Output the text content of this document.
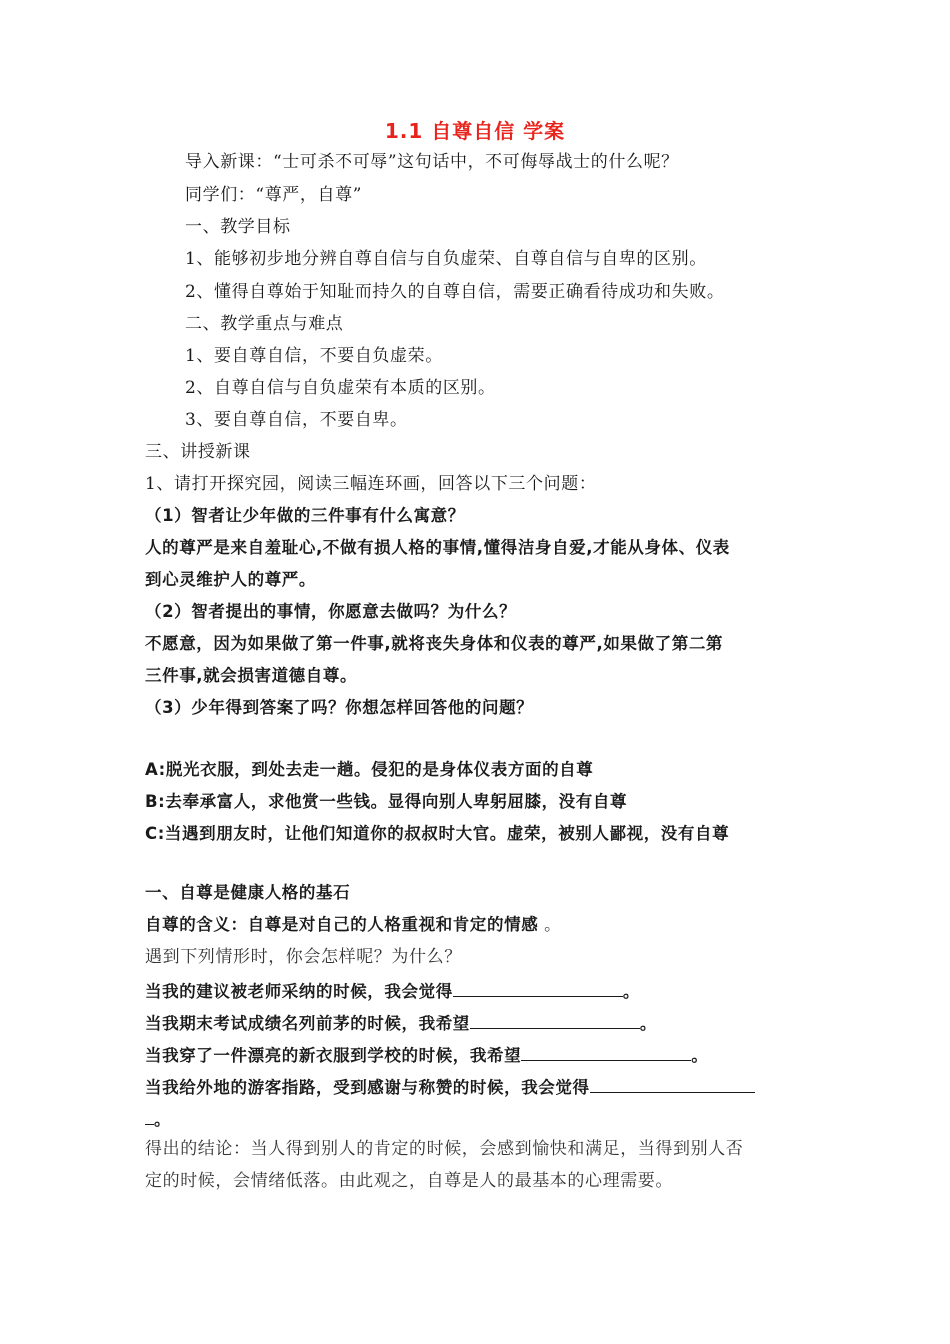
1.1 自尊自信 学案
导入新课：“士可杀不可辱”这句话中，不可侮辱战士的什么呢？
同学们：“尊严，自尊”
一、教学目标
1、能够初步地分辨自尊自信与自负虚荣、自尊自信与自卑的区别。
2、懂得自尊始于知耻而持久的自尊自信，需要正确看待成功和失败。
二、教学重点与难点
1、要自尊自信，不要自负虚荣。
2、自尊自信与自负虚荣有本质的区别。
3、要自尊自信，不要自卑。
三、讲授新课
1、请打开探究园，阅读三幅连环画，回答以下三个问题：
（1）智者让少年做的三件事有什么寓意？
人的尊严是来自羞耻心,不做有损人格的事情,懂得洁身自爱,才能从身体、仪表
到心灵维护人的尊严。
（2）智者提出的事情，你愿意去做吗？为什么？
不愿意，因为如果做了第一件事,就将丧失身体和仪表的尊严,如果做了第二第
三件事,就会损害道德自尊。
（3）少年得到答案了吗？你想怎样回答他的问题？
A:脱光衣服，到处去走一趟。侵犯的是身体仪表方面的自尊
B:去奉承富人，求他赏一些钱。显得向别人卑躬屈膝，没有自尊
C:当遇到朋友时，让他们知道你的叔叔时大官。虚荣，被别人鄙视，没有自尊
一、自尊是健康人格的基石
自尊的含义：自尊是对自己的人格重视和肯定的情感 。
遇到下列情形时，你会怎样呢？为什么？
当我的建议被老师采纳的时候，我会觉得	。
当我期末考试成绩名列前茅的时候，我希望	。
当我穿了一件漂亮的新衣服到学校的时候，我希望	。
当我给外地的游客指路，受到感谢与称赞的时候，我会觉得
。
得出的结论：当人得到别人的肯定的时候，会感到愉快和满足，当得到别人否
定的时候，会情绪低落。由此观之，自尊是人的最基本的心理需要。
